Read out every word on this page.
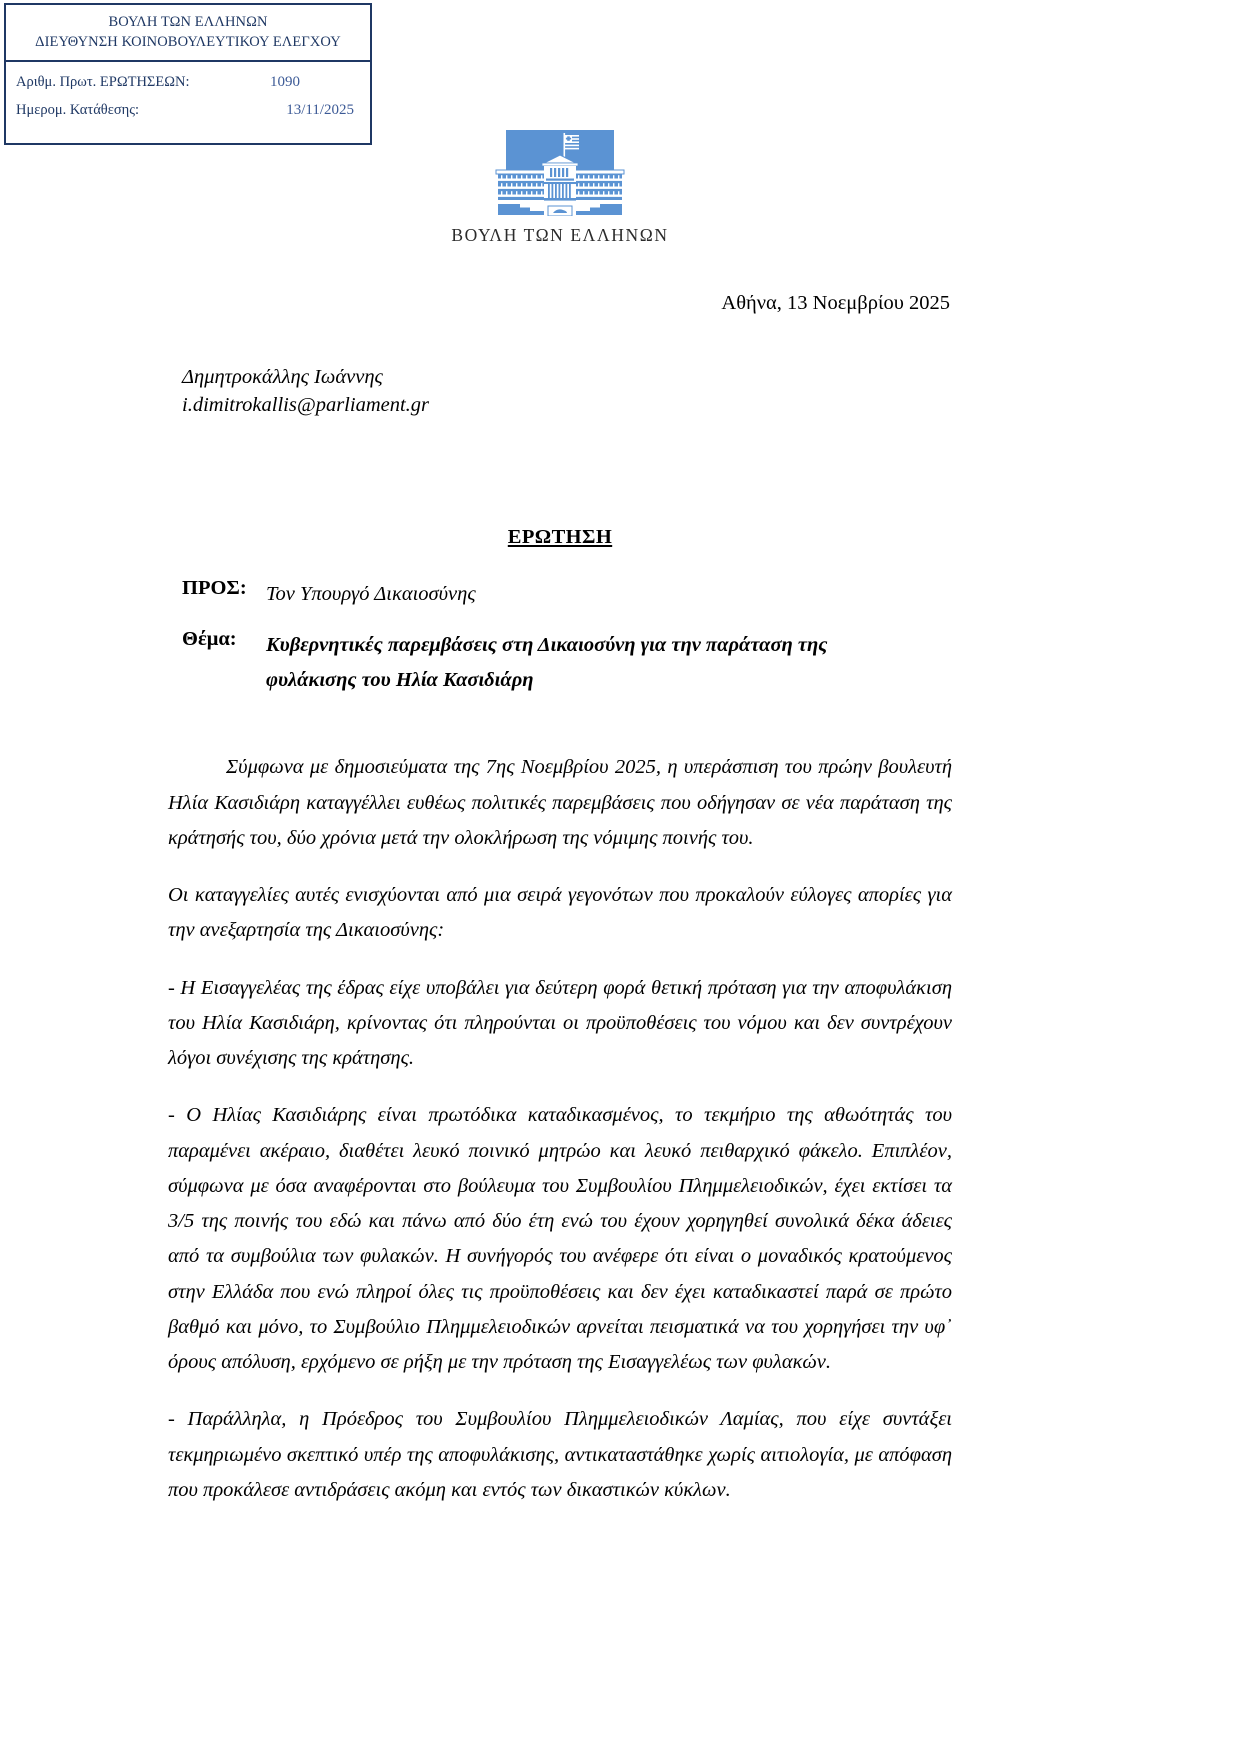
ΒΟΥΛΗ ΤΩΝ ΕΛΛΗΝΩΝ
ΔΙΕΥΘΥΝΣΗ ΚΟΙΝΟΒΟΥΛΕΥΤΙΚΟΥ ΕΛΕΓΧΟΥ
Αριθμ. Πρωτ. ΕΡΩΤΗΣΕΩΝ:	1090
Ημερομ. Κατάθεσης:	13/11/2025
ΒΟΥΛΗ ΤΩΝ ΕΛΛΗΝΩΝ
Αθήνα, 13 Νοεμβρίου 2025
Δημητροκάλλης Ιωάννης
i.dimitrokallis@parliament.gr
ΕΡΩΤΗΣΗ
ΠΡΟΣ: Τον Υπουργό Δικαιοσύνης
Θέμα:	Κυβερνητικές παρεμβάσεις στη Δικαιοσύνη για την παράταση της
φυλάκισης του Ηλία Κασιδιάρη

Σύμφωνα με δημοσιεύματα της 7ης Νοεμβρίου 2025, η υπεράσπιση του πρώην βουλευτή Ηλία Κασιδιάρη καταγγέλλει ευθέως πολιτικές παρεμβάσεις που οδήγησαν σε νέα παράταση της κράτησής του, δύο χρόνια μετά την ολοκλήρωση της νόμιμης ποινής του.

Οι καταγγελίες αυτές ενισχύονται από μια σειρά γεγονότων που προκαλούν εύλογες απορίες για την ανεξαρτησία της Δικαιοσύνης:

- Η Εισαγγελέας της έδρας είχε υποβάλει για δεύτερη φορά θετική πρόταση για την αποφυλάκιση του Ηλία Κασιδιάρη, κρίνοντας ότι πληρούνται οι προϋποθέσεις του νόμου και δεν συντρέχουν λόγοι συνέχισης της κράτησης.

- Ο Ηλίας Κασιδιάρης είναι πρωτόδικα καταδικασμένος, το τεκμήριο της αθωότητάς του παραμένει ακέραιο, διαθέτει λευκό ποινικό μητρώο και λευκό πειθαρχικό φάκελο. Επιπλέον, σύμφωνα με όσα αναφέρονται στο βούλευμα του Συμβουλίου Πλημμελειοδικών, έχει εκτίσει τα 3/5 της ποινής του εδώ και πάνω από δύο έτη ενώ του έχουν χορηγηθεί συνολικά δέκα άδειες από τα συμβούλια των φυλακών. Η συνήγορός του ανέφερε ότι είναι ο μοναδικός κρατούμενος στην Ελλάδα που ενώ πληροί όλες τις προϋποθέσεις και δεν έχει καταδικαστεί παρά σε πρώτο βαθμό και μόνο, το Συμβούλιο Πλημμελειοδικών αρνείται πεισματικά να του χορηγήσει την υφ᾿ όρους απόλυση, ερχόμενο σε ρήξη με την πρόταση της Εισαγγελέως των φυλακών.

- Παράλληλα, η Πρόεδρος του Συμβουλίου Πλημμελειοδικών Λαμίας, που είχε συντάξει τεκμηριωμένο σκεπτικό υπέρ της αποφυλάκισης, αντικαταστάθηκε χωρίς αιτιολογία, με απόφαση που προκάλεσε αντιδράσεις ακόμη και εντός των δικαστικών κύκλων.
